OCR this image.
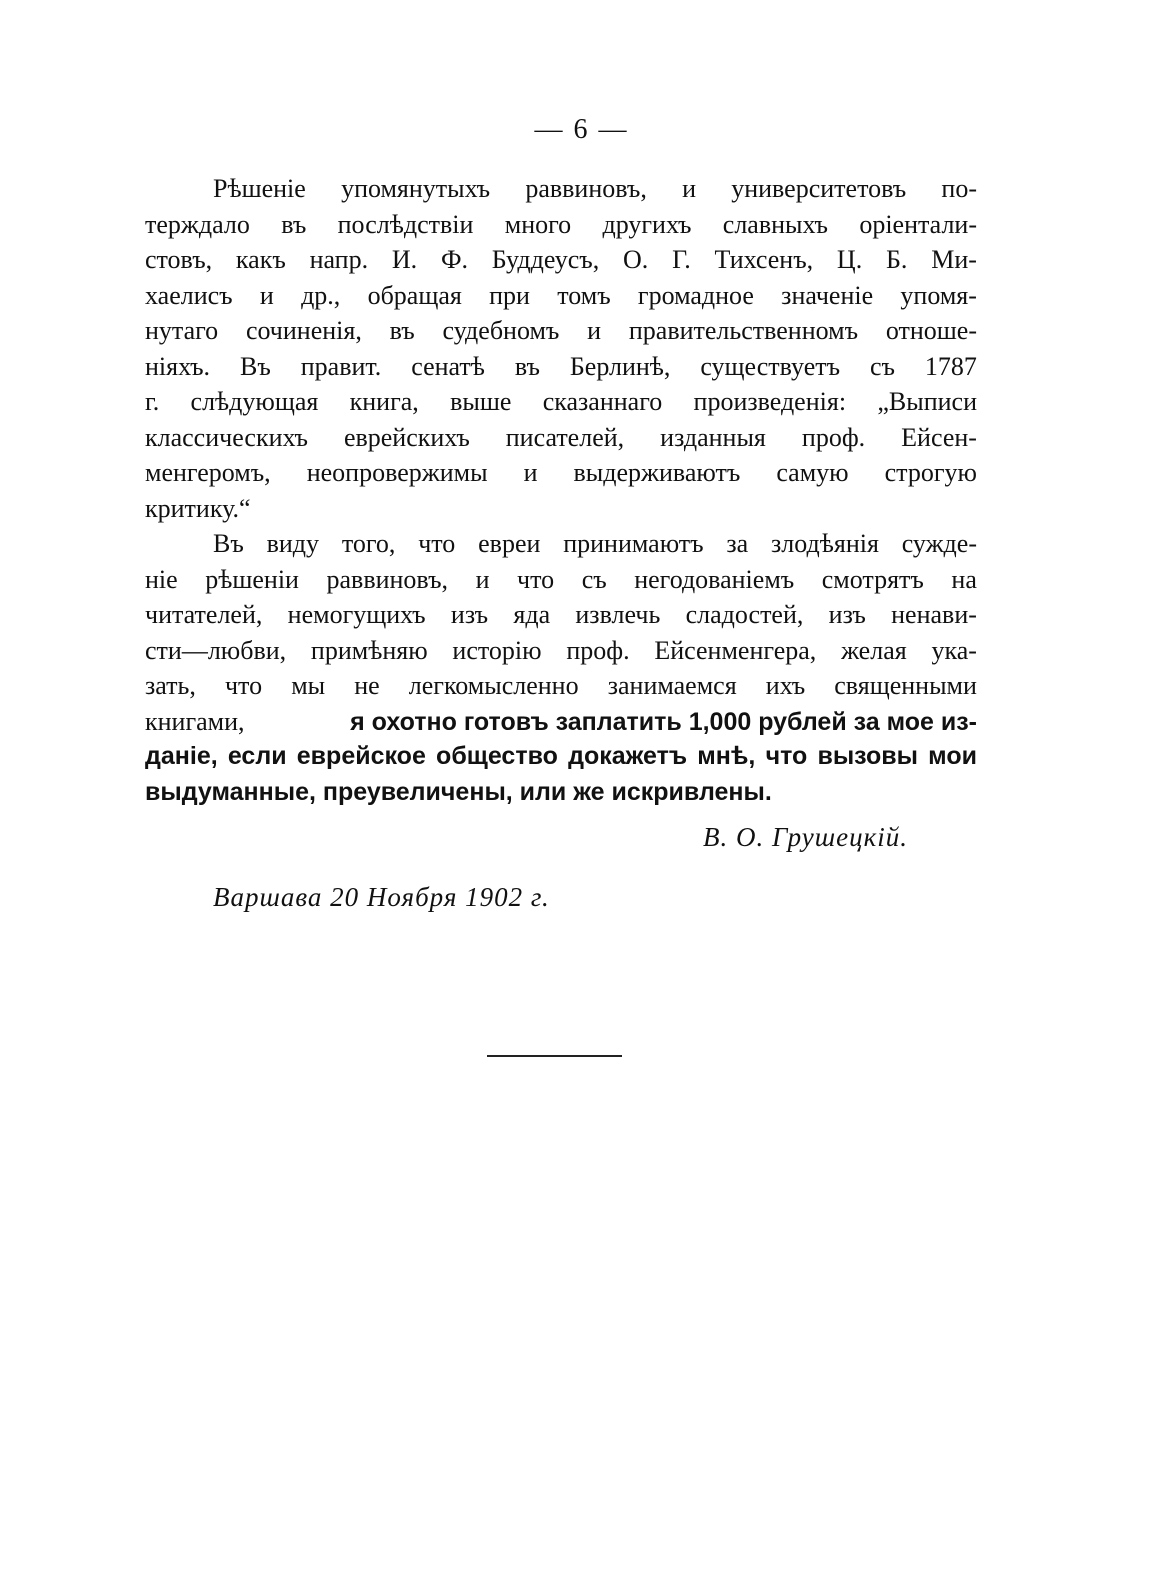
— 6 —
Рѣшеніе упомянутыхъ раввиновъ, и университетовъ по-
терждало въ послѣдствіи много другихъ славныхъ оріентали-
стовъ, какъ напр. И. Ф. Буддеусъ, О. Г. Тихсенъ, Ц. Б. Ми-
хаелисъ и др., обращая при томъ громадное значеніе упомя-
нутаго сочиненія, въ судебномъ и правительственномъ отноше-
ніяхъ. Въ правит. сенатѣ въ Берлинѣ, существуетъ съ 1787
г. слѣдующая книга, выше сказаннаго произведенія: „Выписи
классическихъ еврейскихъ писателей, изданныя проф. Ейсен-
менгеромъ, неопровержимы и выдерживаютъ самую строгую
критику.“
Въ виду того, что евреи принимаютъ за злодѣянія сужде-
ніе рѣшеніи раввиновъ, и что съ негодованіемъ смотрятъ на
читателей, немогущихъ изъ яда извлечь сладостей, изъ ненави-
сти—любви, примѣняю исторію проф. Ейсенменгера, желая ука-
зать, что мы не легкомысленно занимаемся ихъ священными
книгами,	я охотно готовъ заплатить 1,000 рублей за мое из-
даніе, если еврейское общество докажетъ мнѣ, что вызовы мои
выдуманные, преувеличены, или же искривлены.
В. О. Грушецкій.
Варшава 20 Ноября 1902 г.
